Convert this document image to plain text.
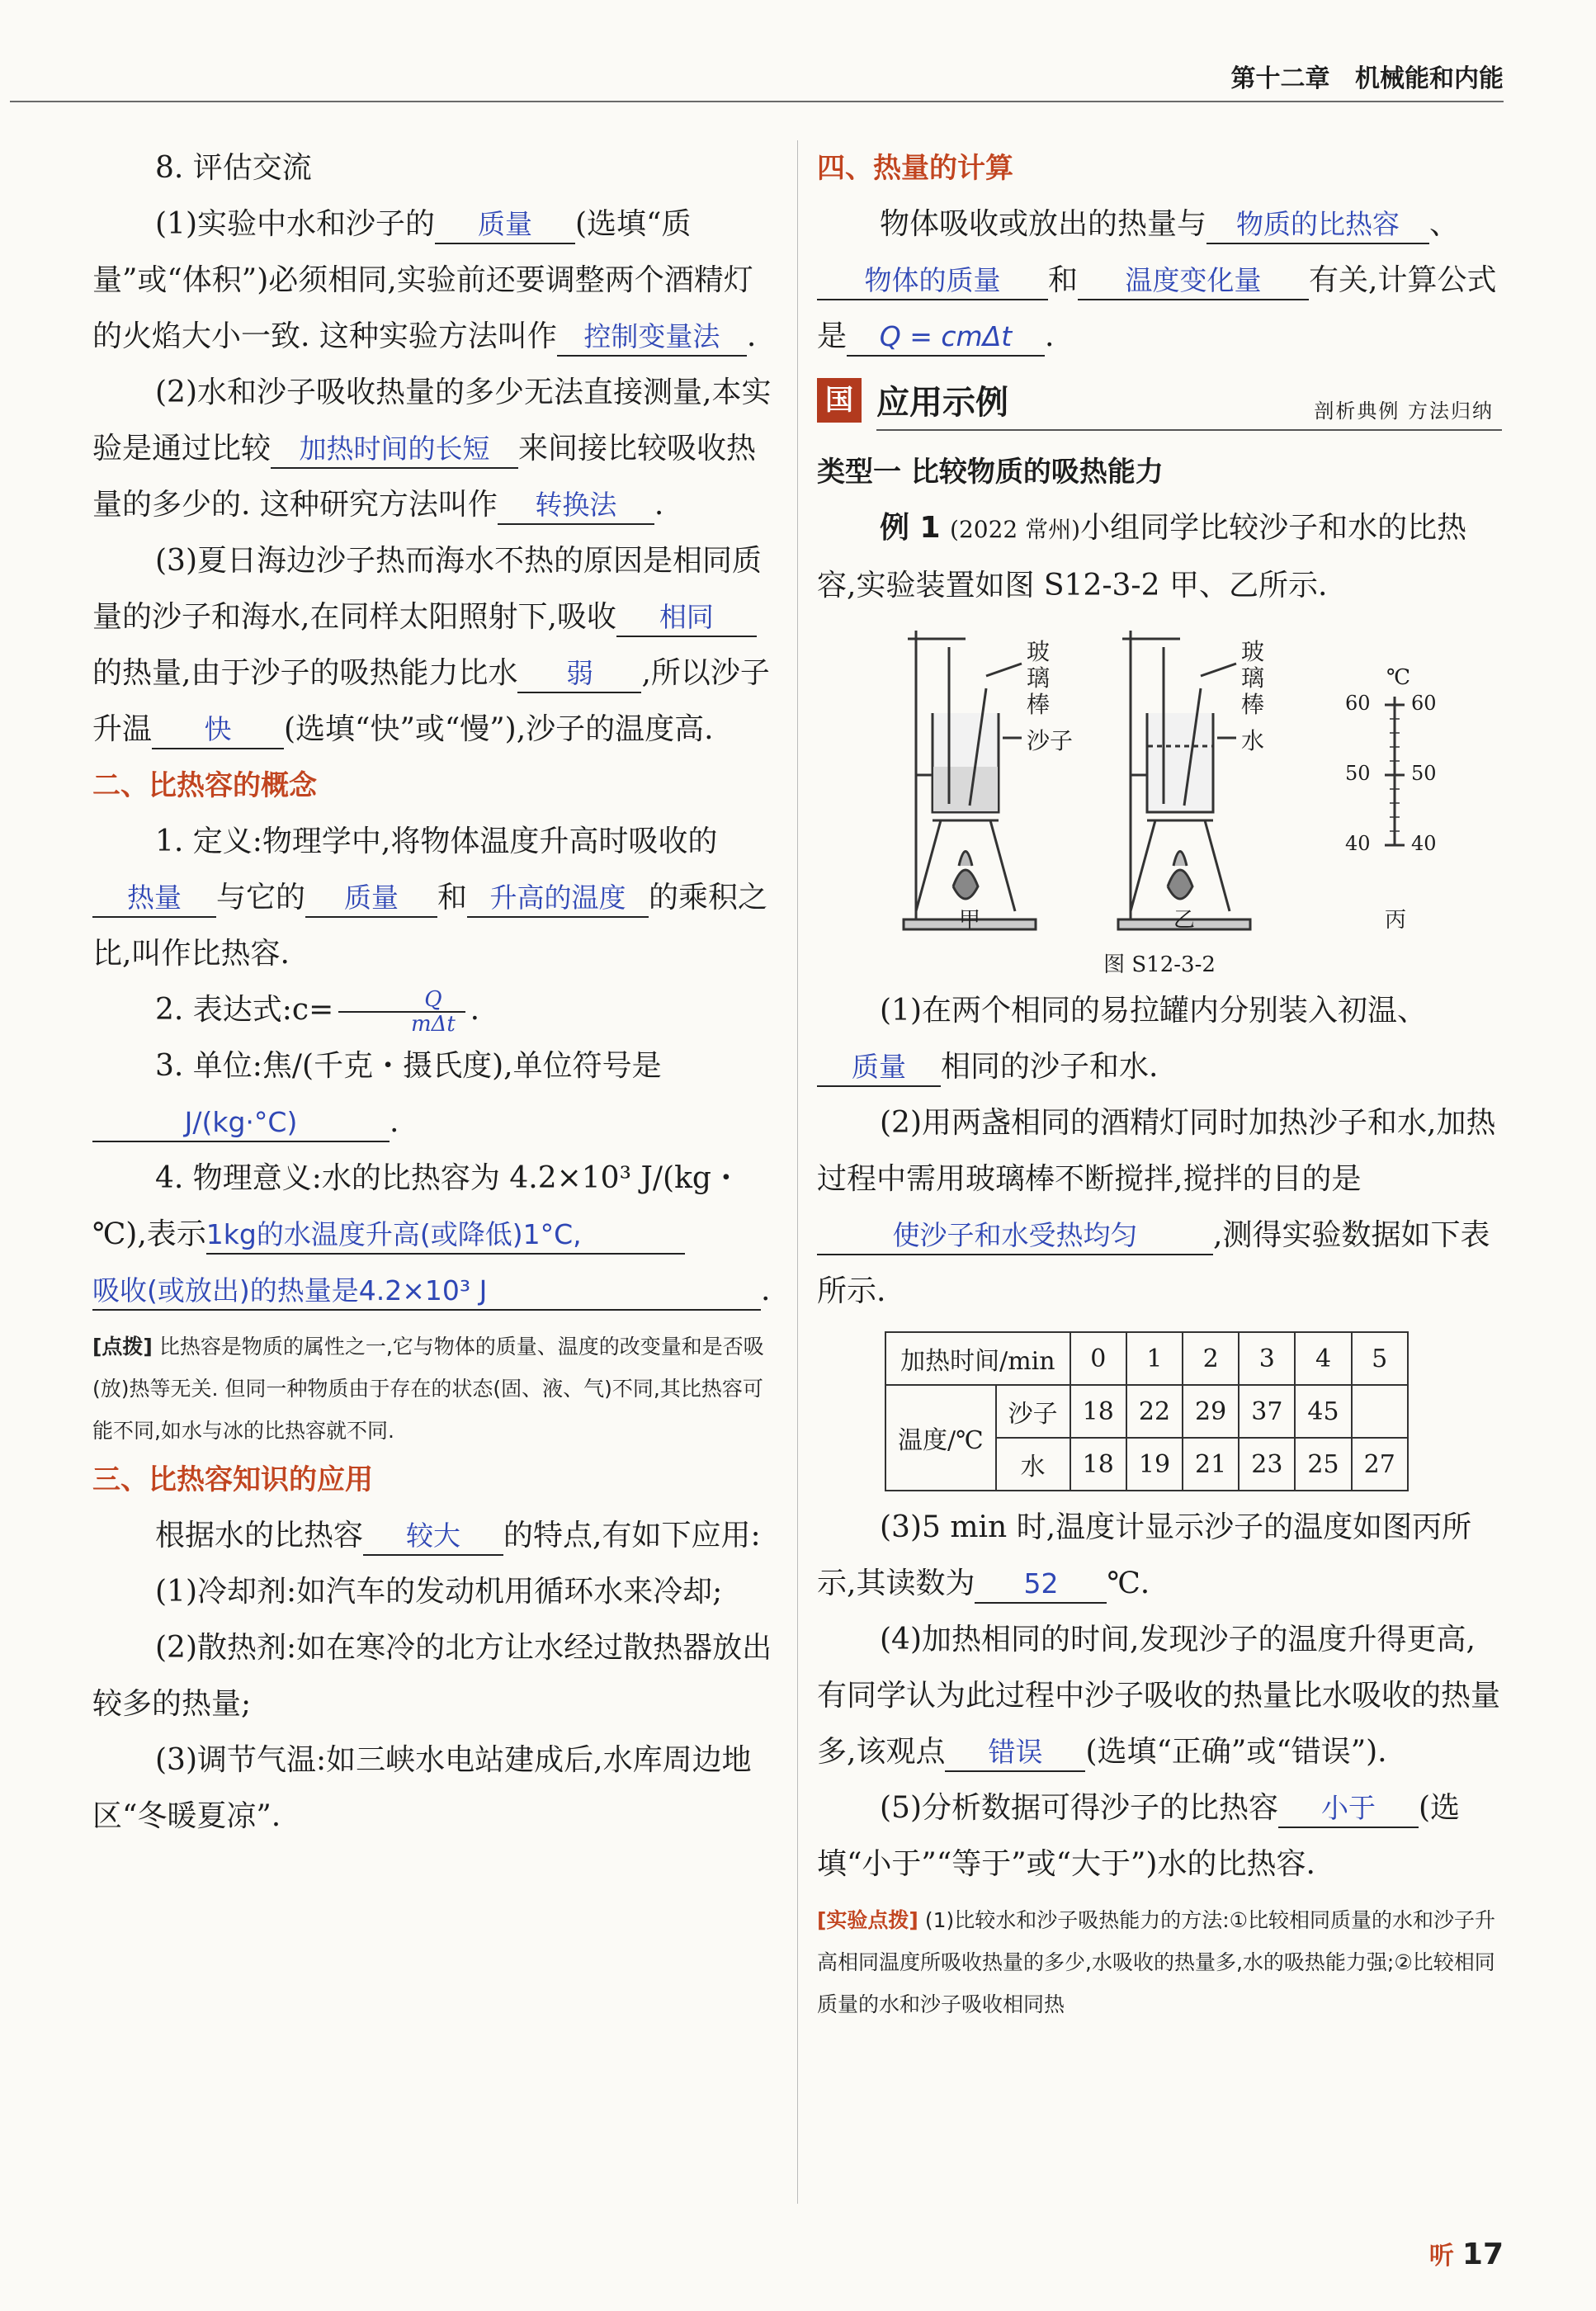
第十二章 机械能和内能

8. 评估交流

(1)实验中水和沙子的 质量 (选填“质量”或“体积”)必须相同,实验前还要调整两个酒精灯的火焰大小一致. 这种实验方法叫作 控制变量法 .

(2)水和沙子吸收热量的多少无法直接测量,本实验是通过比较 加热时间的长短 来间接比较吸收热量的多少的. 这种研究方法叫作 转换法 .

(3)夏日海边沙子热而海水不热的原因是相同质量的沙子和海水,在同样太阳照射下,吸收 相同的热量,由于沙子的吸热能力比水 弱 ,所以沙子升温 快 (选填“快”或“慢”),沙子的温度高.

二、比热容的概念

1. 定义:物理学中,将物体温度升高时吸收的热量 与它的 质量 和 升高的温度 的乘积之比,叫作比热容.

2. 表达式:c= $\frac{Q}{\text{mΔt}}$ .

3. 单位:焦/(千克・摄氏度),单位符号是J/(kg·°C)	.

4. 物理意义:水的比热容为 4.2×10³ J/(kg・℃),表示1kg的水温度升高(或降低)1°C,吸收(或放出)的热量是4.2×10³ J	.

[点拨] 比热容是物质的属性之一,它与物体的质量、温度的改变量和是否吸(放)热等无关. 但同一种物质由于存在的状态(固、液、气)不同,其比热容可能不同,如水与冰的比热容就不同.

三、比热容知识的应用

根据水的比热容 较大 的特点,有如下应用:

(1)冷却剂:如汽车的发动机用循环水来冷却;

(2)散热剂:如在寒冷的北方让水经过散热器放出较多的热量;

(3)调节气温:如三峡水电站建成后,水库周边地区“冬暖夏凉”.

四、热量的计算

物体吸收或放出的热量与 物质的比热容 、物体的质量 和 温度变化量 有关,计算公式是 Q = cmΔt .

国 应用示例	剖析典例 方法归纳

类型一 比较物质的吸热能力

例 1 (2022 常州)小组同学比较沙子和水的比热容,实验装置如图 S12-3-2 甲、乙所示.

玻璃棒
沙子
玻璃棒
水
℃
60 60
50 50
40 40
甲	乙	丙

图 S12-3-2

(1)在两个相同的易拉罐内分别装入初温、质量 相同的沙子和水.

(2)用两盏相同的酒精灯同时加热沙子和水,加热过程中需用玻璃棒不断搅拌,搅拌的目的是使沙子和水受热均匀	,测得实验数据如下表所示.

加热时间/min		0	1	2	3	4	5
温度/℃	沙子	18	22	29	37	45	
	水	18	19	21	23	25	27

(3)5 min 时,温度计显示沙子的温度如图丙所示,其读数为 52 ℃.

(4)加热相同的时间,发现沙子的温度升得更高,有同学认为此过程中沙子吸收的热量比水吸收的热量多,该观点 错误 (选填“正确”或“错误”).

(5)分析数据可得沙子的比热容 小于 (选填“小于”“等于”或“大于”)水的比热容.

[实验点拨] (1)比较水和沙子吸热能力的方法:①比较相同质量的水和沙子升高相同温度所吸收热量的多少,水吸收的热量多,水的吸热能力强;②比较相同质量的水和沙子吸收相同热

听 17
